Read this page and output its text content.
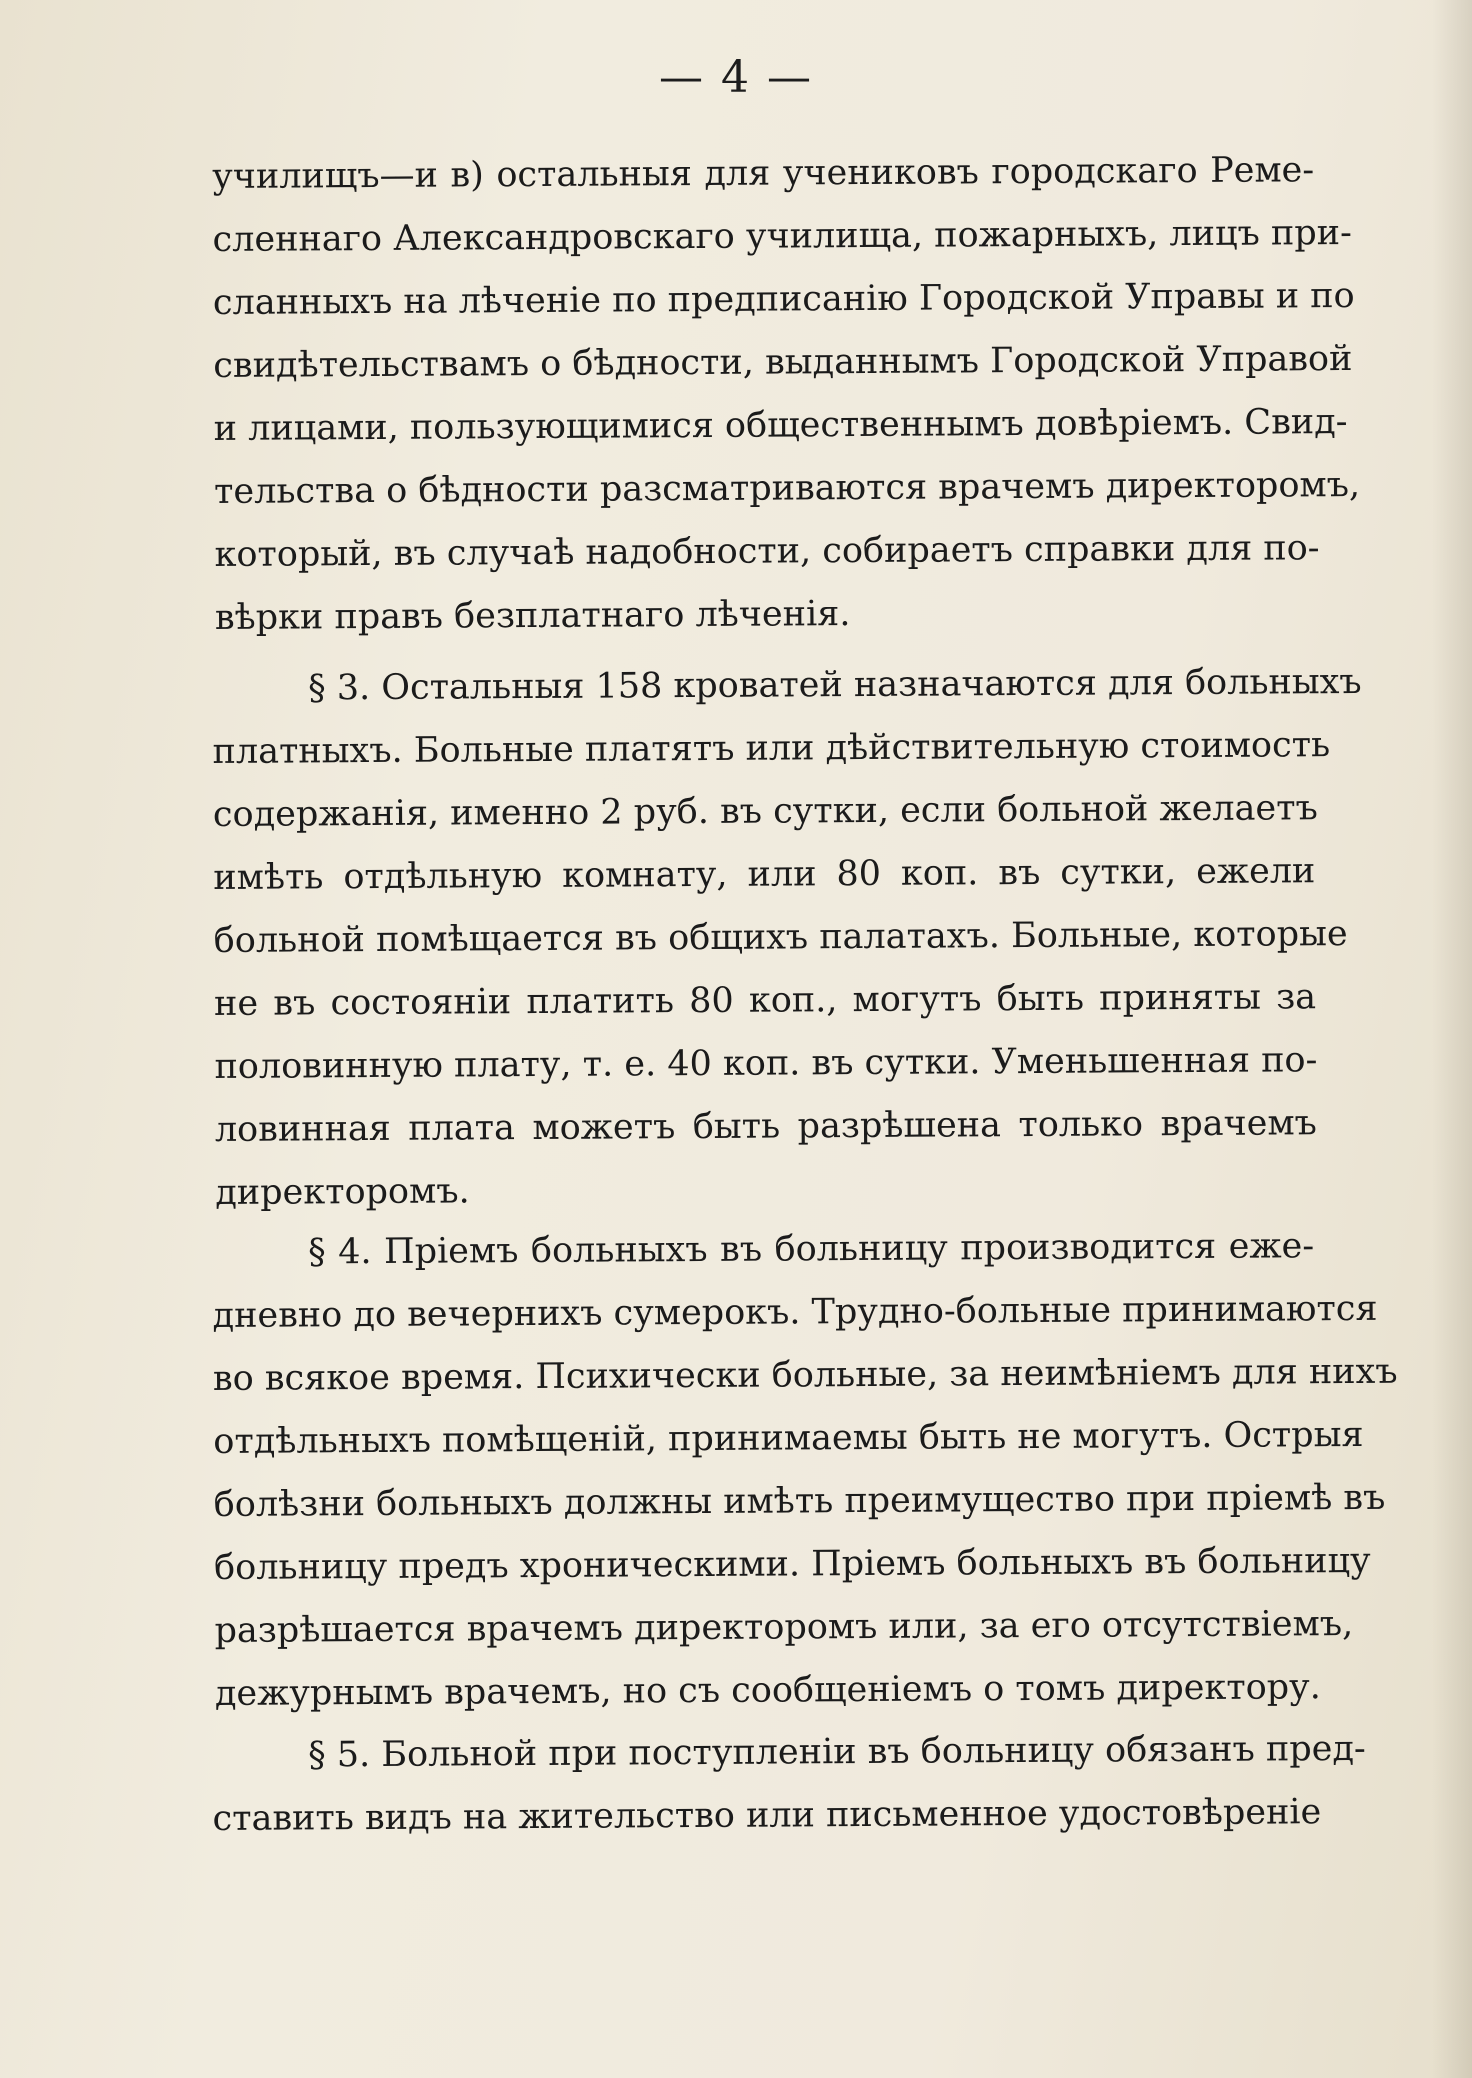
— 4 —
училищъ—и в) остальныя для учениковъ городскаго Реме-
сленнаго Александровскаго училища, пожарныхъ, лицъ при-
сланныхъ на лѣченіе по предписанію Городской Управы и по
свидѣтельствамъ о бѣдности, выданнымъ Городской Управой
и лицами, пользующимися общественнымъ довѣріемъ. Свид-
тельства о бѣдности разсматриваются врачемъ директоромъ,
который, въ случаѣ надобности, собираетъ справки для по-
вѣрки правъ безплатнаго лѣченія.
§ 3. Остальныя 158 кроватей назначаются для больныхъ
платныхъ. Больные платятъ или дѣйствительную стоимость
содержанія, именно 2 руб. въ сутки, если больной желаетъ
имѣть отдѣльную комнату, или 80 коп. въ сутки, ежели
больной помѣщается въ общихъ палатахъ. Больные, которые
не въ состояніи платить 80 коп., могутъ быть приняты за
половинную плату, т. е. 40 коп. въ сутки. Уменьшенная по-
ловинная плата можетъ быть разрѣшена только врачемъ
директоромъ.
§ 4. Пріемъ больныхъ въ больницу производится еже-
дневно до вечернихъ сумерокъ. Трудно-больные принимаются
во всякое время. Психически больные, за неимѣніемъ для нихъ
отдѣльныхъ помѣщеній, принимаемы быть не могутъ. Острыя
болѣзни больныхъ должны имѣть преимущество при пріемѣ въ
больницу предъ хроническими. Пріемъ больныхъ въ больницу
разрѣшается врачемъ директоромъ или, за его отсутствіемъ,
дежурнымъ врачемъ, но съ сообщеніемъ о томъ директору.
§ 5. Больной при поступленіи въ больницу обязанъ пред-
ставить видъ на жительство или письменное удостовѣреніе
